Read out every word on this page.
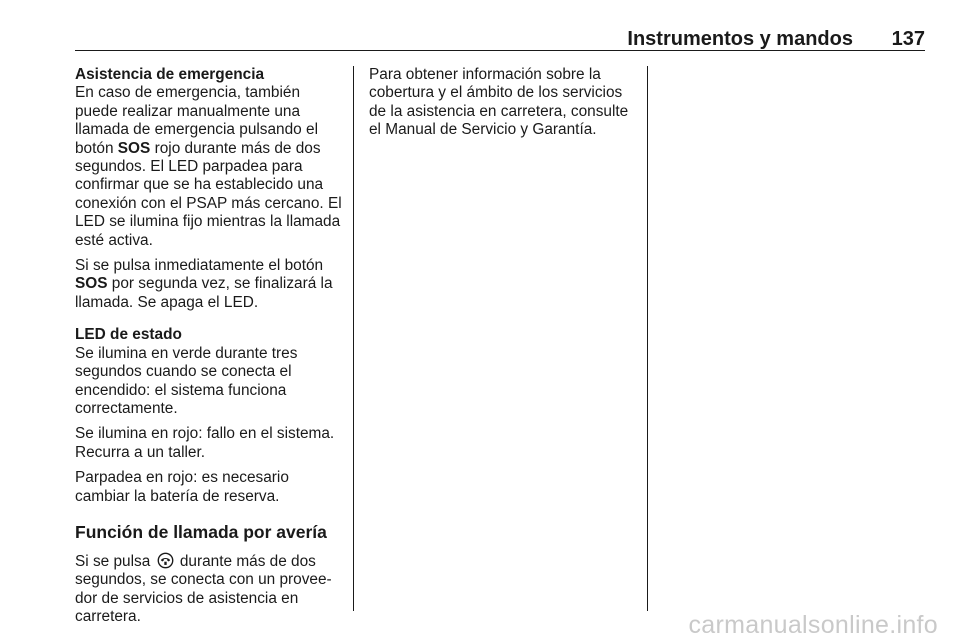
Instrumentos y mandos 137

Asistencia de emergencia

En caso de emergencia, también puede realizar manualmente una llamada de emergencia pulsando el botón SOS rojo durante más de dos segundos. El LED parpadea para confirmar que se ha establecido una conexión con el PSAP más cercano. El LED se ilumina fijo mientras la llamada esté activa.

Si se pulsa inmediatamente el botón SOS por segunda vez, se finalizará la llamada. Se apaga el LED.

LED de estado

Se ilumina en verde durante tres segundos cuando se conecta el encendido: el sistema funciona correctamente.

Se ilumina en rojo: fallo en el sistema. Recurra a un taller.

Parpadea en rojo: es necesario cambiar la batería de reserva.

Función de llamada por avería

Si se pulsa  durante más de dos segundos, se conecta con un provee-dor de servicios de asistencia en carretera.

Para obtener información sobre la cobertura y el ámbito de los servicios de la asistencia en carretera, consulte el Manual de Servicio y Garantía.

carmanualsonline.info
